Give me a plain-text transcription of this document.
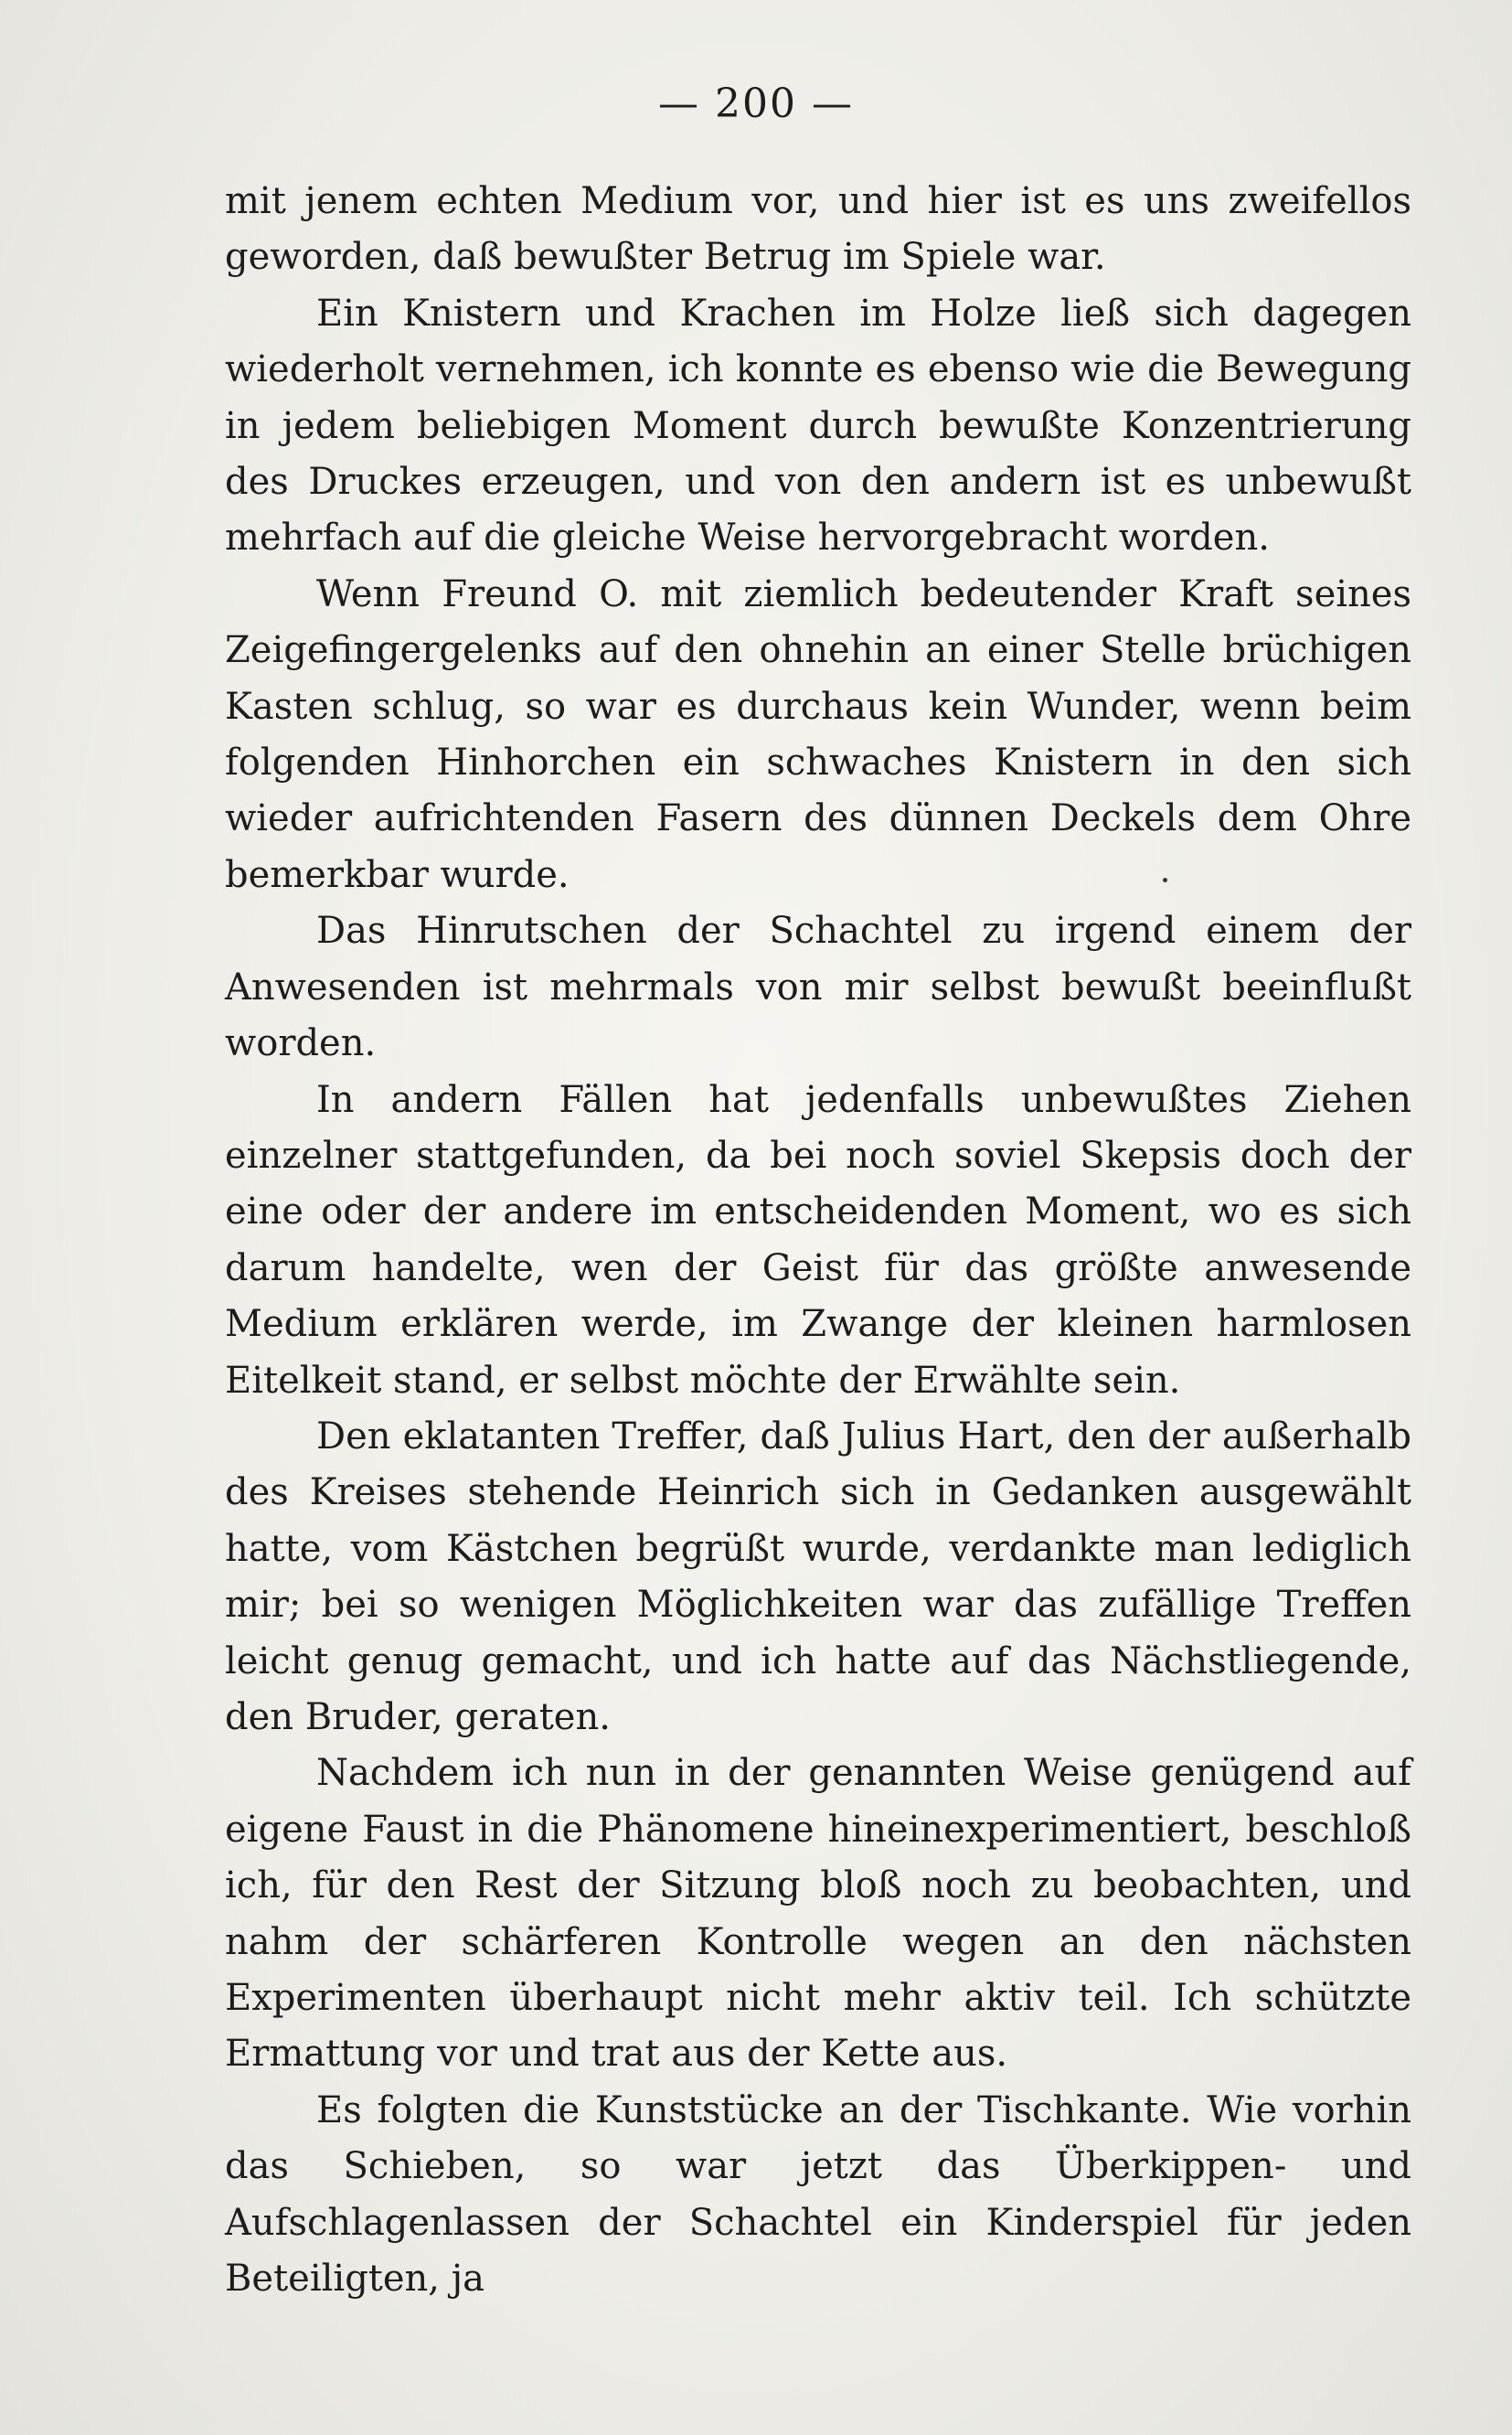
— 200 —

mit jenem echten Medium vor, und hier ist es uns zweifellos geworden, daß bewußter Betrug im Spiele war.

Ein Knistern und Krachen im Holze ließ sich dagegen wiederholt vernehmen, ich konnte es ebenso wie die Bewegung in jedem beliebigen Moment durch bewußte Konzentrierung des Druckes erzeugen, und von den andern ist es unbewußt mehrfach auf die gleiche Weise hervorgebracht worden.

Wenn Freund O. mit ziemlich bedeutender Kraft seines Zeigefingergelenks auf den ohnehin an einer Stelle brüchigen Kasten schlug, so war es durchaus kein Wunder, wenn beim folgenden Hinhorchen ein schwaches Knistern in den sich wieder aufrichtenden Fasern des dünnen Deckels dem Ohre bemerkbar wurde.

Das Hinrutschen der Schachtel zu irgend einem der Anwesenden ist mehrmals von mir selbst bewußt beeinflußt worden.

In andern Fällen hat jedenfalls unbewußtes Ziehen einzelner stattgefunden, da bei noch soviel Skepsis doch der eine oder der andere im entscheidenden Moment, wo es sich darum handelte, wen der Geist für das größte anwesende Medium erklären werde, im Zwange der kleinen harmlosen Eitelkeit stand, er selbst möchte der Erwählte sein.

Den eklatanten Treffer, daß Julius Hart, den der außerhalb des Kreises stehende Heinrich sich in Gedanken ausgewählt hatte, vom Kästchen begrüßt wurde, verdankte man lediglich mir; bei so wenigen Möglichkeiten war das zufällige Treffen leicht genug gemacht, und ich hatte auf das Nächstliegende, den Bruder, geraten.

Nachdem ich nun in der genannten Weise genügend auf eigene Faust in die Phänomene hineinexperimentiert, beschloß ich, für den Rest der Sitzung bloß noch zu beobachten, und nahm der schärferen Kontrolle wegen an den nächsten Experimenten überhaupt nicht mehr aktiv teil. Ich schützte Ermattung vor und trat aus der Kette aus.

Es folgten die Kunststücke an der Tischkante. Wie vorhin das Schieben, so war jetzt das Überkippen- und Aufschlagenlassen der Schachtel ein Kinderspiel für jeden Beteiligten, ja
